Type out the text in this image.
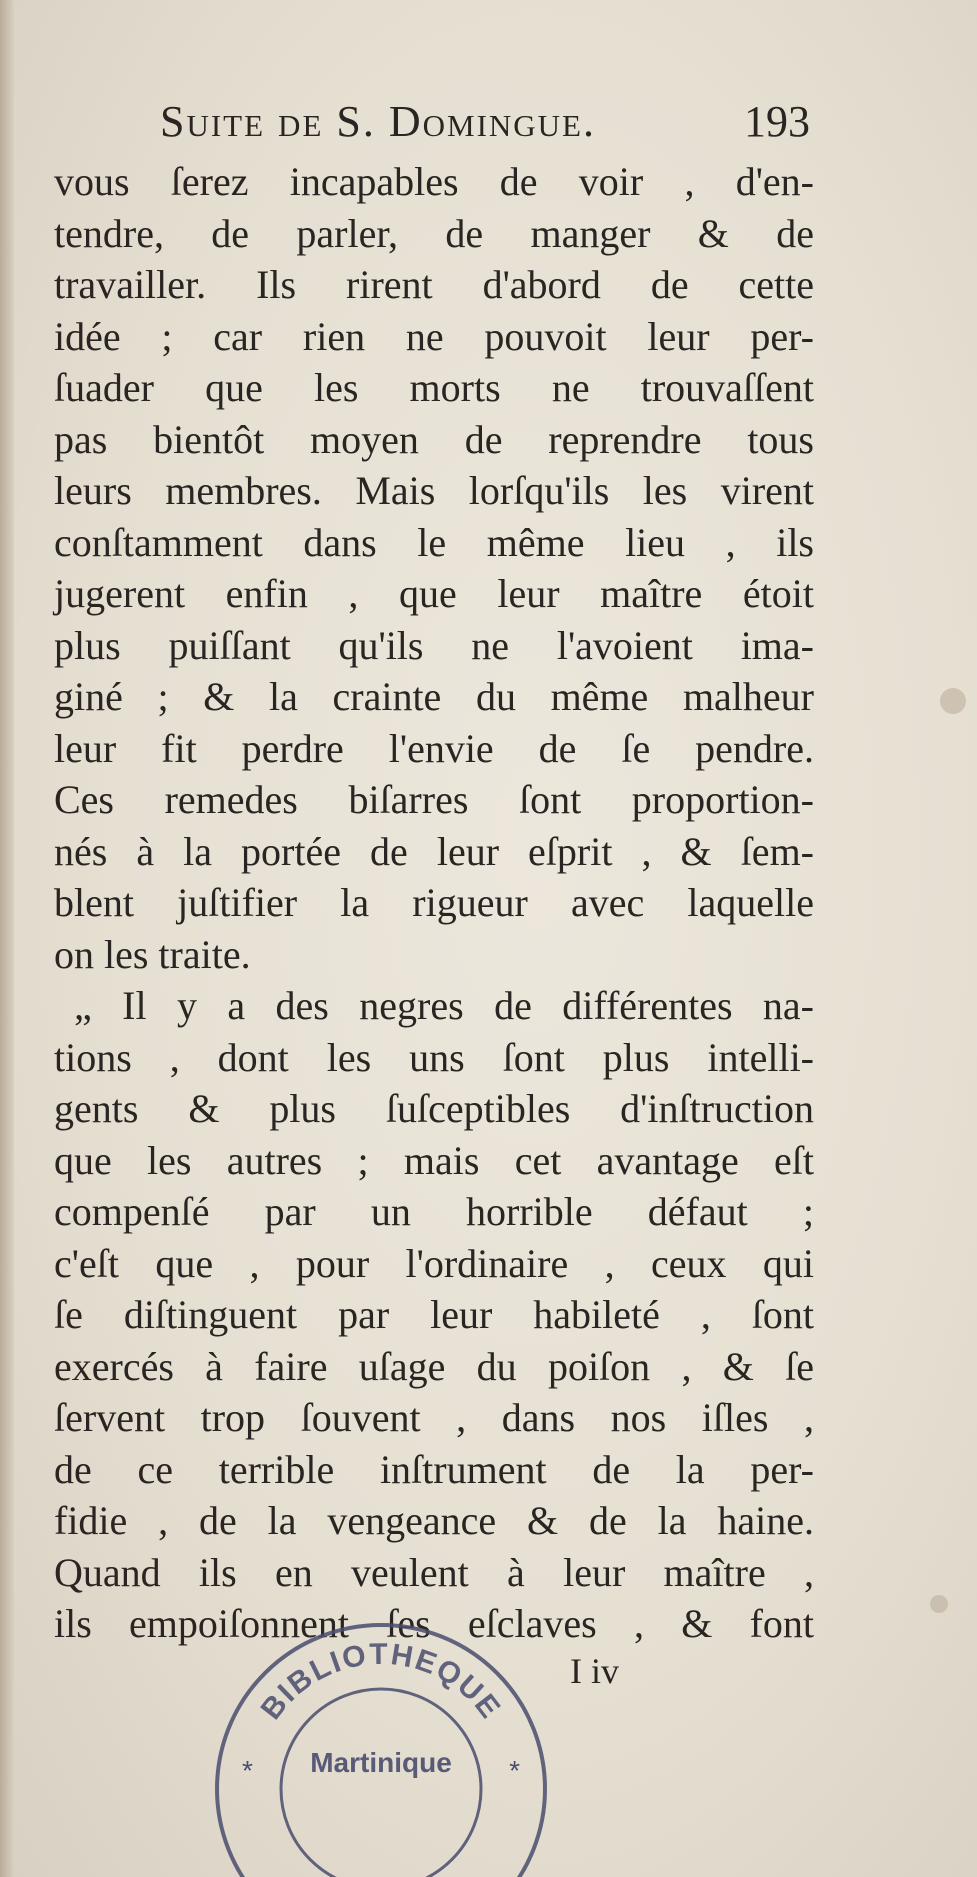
Suite de S. Domingue.	193
vous ſerez incapables de voir , d'en-
tendre, de parler, de manger & de
travailler. Ils rirent d'abord de cette
idée ; car rien ne pouvoit leur per-
ſuader que les morts ne trouvaſſent
pas bientôt moyen de reprendre tous
leurs membres. Mais lorſqu'ils les virent
conſtamment dans le même lieu , ils
jugerent enfin , que leur maître étoit
plus puiſſant qu'ils ne l'avoient ima-
giné ; & la crainte du même malheur
leur fit perdre l'envie de ſe pendre.
Ces remedes biſarres ſont proportion-
nés à la portée de leur eſprit , & ſem-
blent juſtifier la rigueur avec laquelle
on les traite.
„ Il y a des negres de différentes na-
tions , dont les uns ſont plus intelli-
gents & plus ſuſceptibles d'inſtruction
que les autres ; mais cet avantage eſt
compenſé par un horrible défaut ;
c'eſt que , pour l'ordinaire , ceux qui
ſe diſtinguent par leur habileté , ſont
exercés à faire uſage du poiſon , & ſe
ſervent trop ſouvent , dans nos iſles ,
de ce terrible inſtrument de la per-
fidie , de la vengeance & de la haine.
Quand ils en veulent à leur maître ,
ils empoiſonnent ſes eſclaves , & font
I iv
BIBLIOTHEQUE
Martinique
*	*
